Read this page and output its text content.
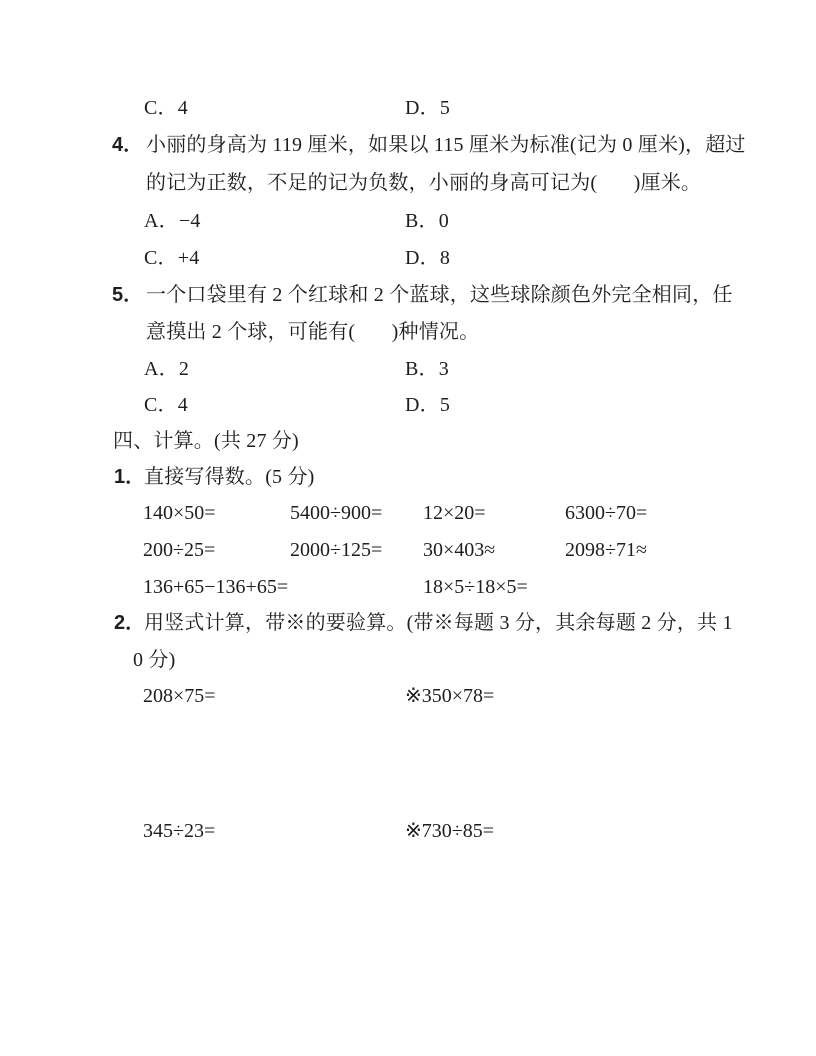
C．4	D．5
4． 小丽的身高为 119 厘米，如果以 115 厘米为标准(记为 0 厘米)，超过
的记为正数，不足的记为负数，小丽的身高可记为(       )厘米。
A．−4	B．0
C．+4	D．8
5． 一个口袋里有 2 个红球和 2 个蓝球，这些球除颜色外完全相同，任
意摸出 2 个球，可能有(       )种情况。
A．2	B．3
C．4	D．5
四、计算。(共 27 分)
1．
直接写得数。(5 分)
140×50=	5400÷900= 12×20=	6300÷70=
200÷25=	2000÷125= 30×403≈	2098÷71≈
136+65−136+65=	18×5÷18×5=
2．
用竖式计算，带※的要验算。(带※每题 3 分，其余每题 2 分，共 1
0 分)
208×75=	※350×78=
345÷23=	※730÷85=
